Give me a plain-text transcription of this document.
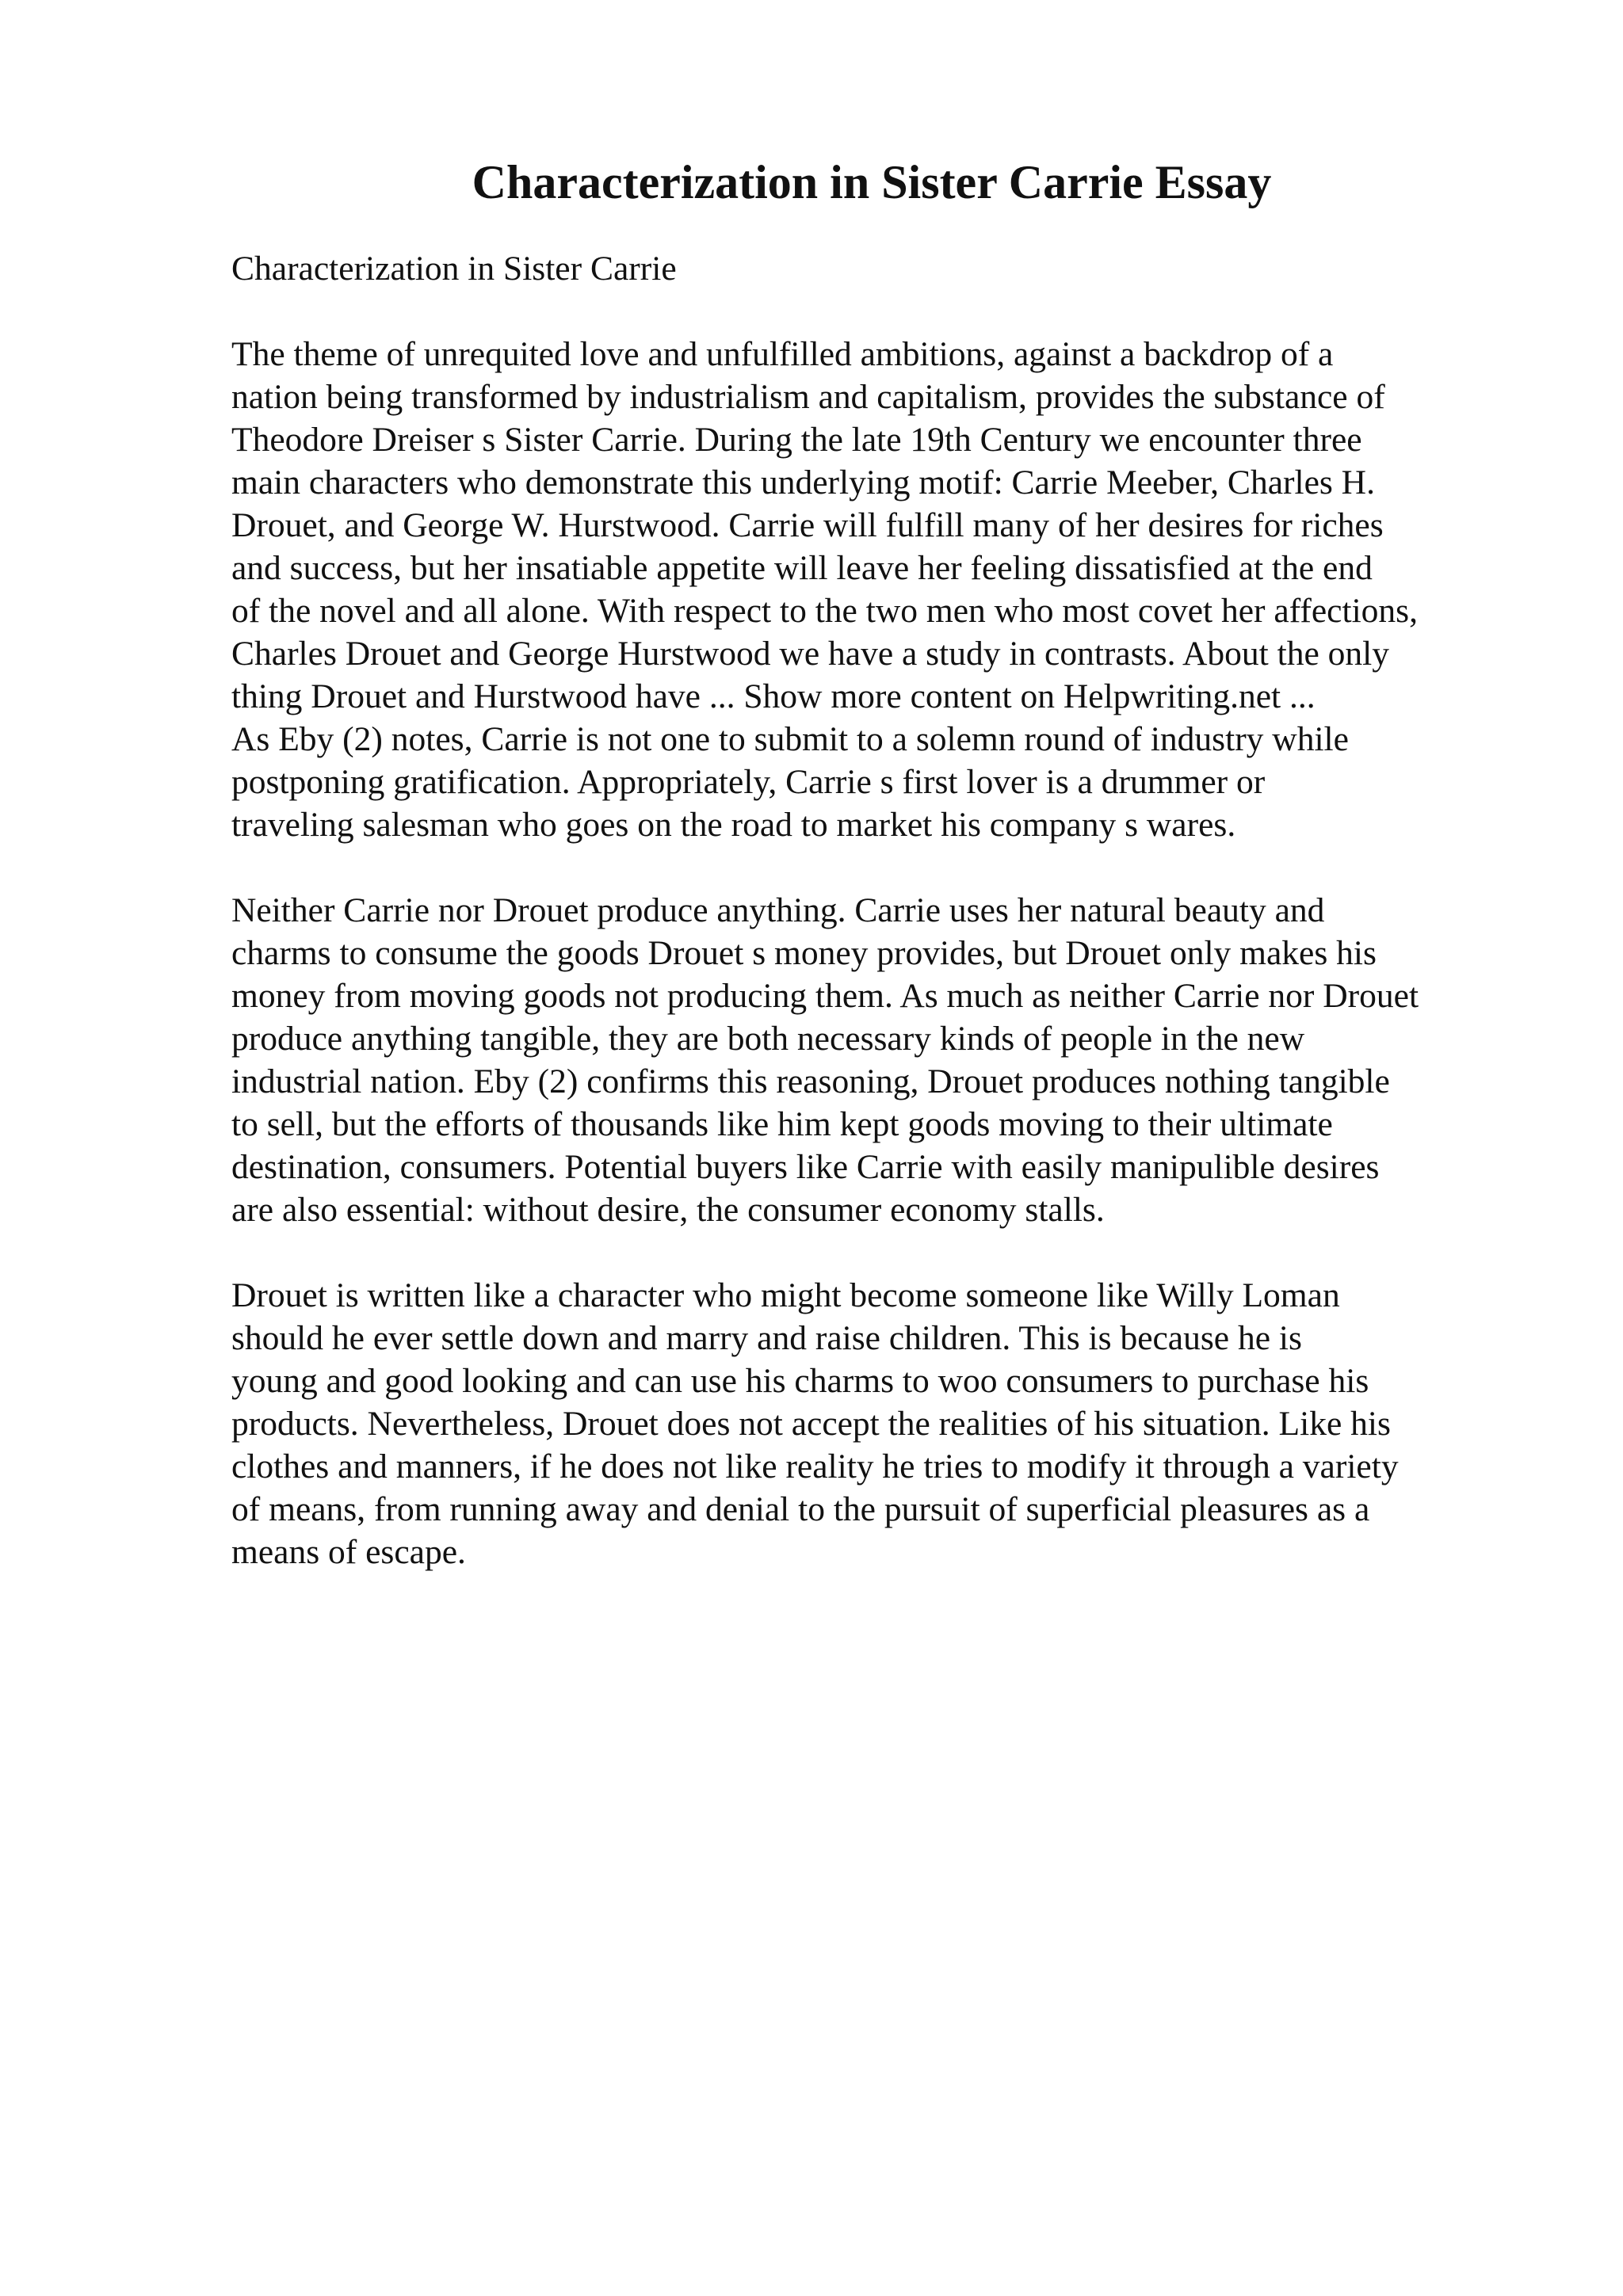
Characterization in Sister Carrie Essay

Characterization in Sister Carrie

The theme of unrequited love and unfulfilled ambitions, against a backdrop of a
nation being transformed by industrialism and capitalism, provides the substance of
Theodore Dreiser s Sister Carrie. During the late 19th Century we encounter three
main characters who demonstrate this underlying motif: Carrie Meeber, Charles H.
Drouet, and George W. Hurstwood. Carrie will fulfill many of her desires for riches
and success, but her insatiable appetite will leave her feeling dissatisfied at the end
of the novel and all alone. With respect to the two men who most covet her affections,
Charles Drouet and George Hurstwood we have a study in contrasts. About the only
thing Drouet and Hurstwood have ... Show more content on Helpwriting.net ...
As Eby (2) notes, Carrie is not one to submit to a solemn round of industry while
postponing gratification. Appropriately, Carrie s first lover is a drummer or
traveling salesman who goes on the road to market his company s wares.

Neither Carrie nor Drouet produce anything. Carrie uses her natural beauty and
charms to consume the goods Drouet s money provides, but Drouet only makes his
money from moving goods not producing them. As much as neither Carrie nor Drouet
produce anything tangible, they are both necessary kinds of people in the new
industrial nation. Eby (2) confirms this reasoning, Drouet produces nothing tangible
to sell, but the efforts of thousands like him kept goods moving to their ultimate
destination, consumers. Potential buyers like Carrie with easily manipulible desires
are also essential: without desire, the consumer economy stalls.

Drouet is written like a character who might become someone like Willy Loman
should he ever settle down and marry and raise children. This is because he is
young and good looking and can use his charms to woo consumers to purchase his
products. Nevertheless, Drouet does not accept the realities of his situation. Like his
clothes and manners, if he does not like reality he tries to modify it through a variety
of means, from running away and denial to the pursuit of superficial pleasures as a
means of escape.
